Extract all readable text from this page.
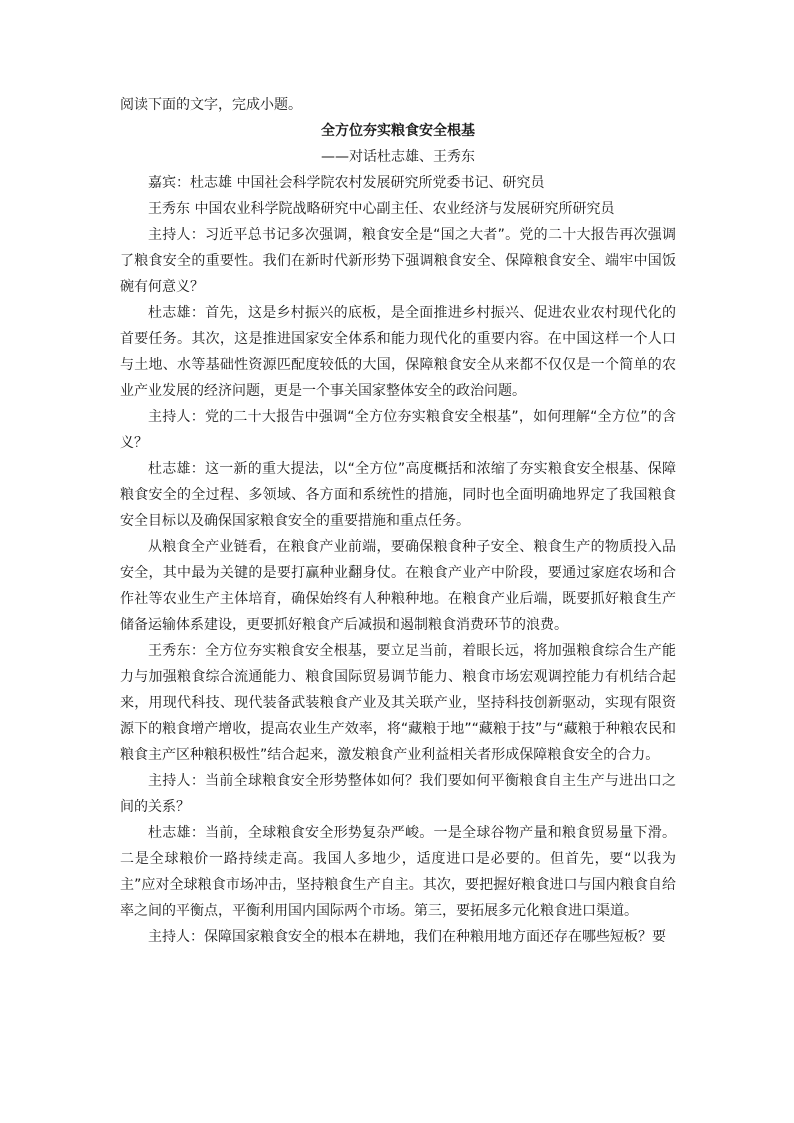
阅读下面的文字，完成小题。

全方位夯实粮食安全根基

——对话杜志雄、王秀东

嘉宾：杜志雄 中国社会科学院农村发展研究所党委书记、研究员

王秀东 中国农业科学院战略研究中心副主任、农业经济与发展研究所研究员

主持人：习近平总书记多次强调，粮食安全是“国之大者”。党的二十大报告再次强调了粮食安全的重要性。我们在新时代新形势下强调粮食安全、保障粮食安全、端牢中国饭碗有何意义？

杜志雄：首先，这是乡村振兴的底板，是全面推进乡村振兴、促进农业农村现代化的首要任务。其次，这是推进国家安全体系和能力现代化的重要内容。在中国这样一个人口与土地、水等基础性资源匹配度较低的大国，保障粮食安全从来都不仅仅是一个简单的农业产业发展的经济问题，更是一个事关国家整体安全的政治问题。

主持人：党的二十大报告中强调“全方位夯实粮食安全根基”，如何理解“全方位”的含义？

杜志雄：这一新的重大提法，以“全方位”高度概括和浓缩了夯实粮食安全根基、保障粮食安全的全过程、多领域、各方面和系统性的措施，同时也全面明确地界定了我国粮食安全目标以及确保国家粮食安全的重要措施和重点任务。

从粮食全产业链看，在粮食产业前端，要确保粮食种子安全、粮食生产的物质投入品安全，其中最为关键的是要打赢种业翻身仗。在粮食产业产中阶段，要通过家庭农场和合作社等农业生产主体培育，确保始终有人种粮种地。在粮食产业后端，既要抓好粮食生产储备运输体系建设，更要抓好粮食产后减损和遏制粮食消费环节的浪费。

王秀东：全方位夯实粮食安全根基，要立足当前，着眼长远，将加强粮食综合生产能力与加强粮食综合流通能力、粮食国际贸易调节能力、粮食市场宏观调控能力有机结合起来，用现代科技、现代装备武装粮食产业及其关联产业，坚持科技创新驱动，实现有限资源下的粮食增产增收，提高农业生产效率，将“藏粮于地”“藏粮于技”与“藏粮于种粮农民和粮食主产区种粮积极性”结合起来，激发粮食产业利益相关者形成保障粮食安全的合力。

主持人：当前全球粮食安全形势整体如何？我们要如何平衡粮食自主生产与进出口之间的关系？

杜志雄：当前，全球粮食安全形势复杂严峻。一是全球谷物产量和粮食贸易量下滑。二是全球粮价一路持续走高。我国人多地少，适度进口是必要的。但首先，要“以我为主”应对全球粮食市场冲击，坚持粮食生产自主。其次，要把握好粮食进口与国内粮食自给率之间的平衡点，平衡利用国内国际两个市场。第三，要拓展多元化粮食进口渠道。

主持人：保障国家粮食安全的根本在耕地，我们在种粮用地方面还存在哪些短板？要
